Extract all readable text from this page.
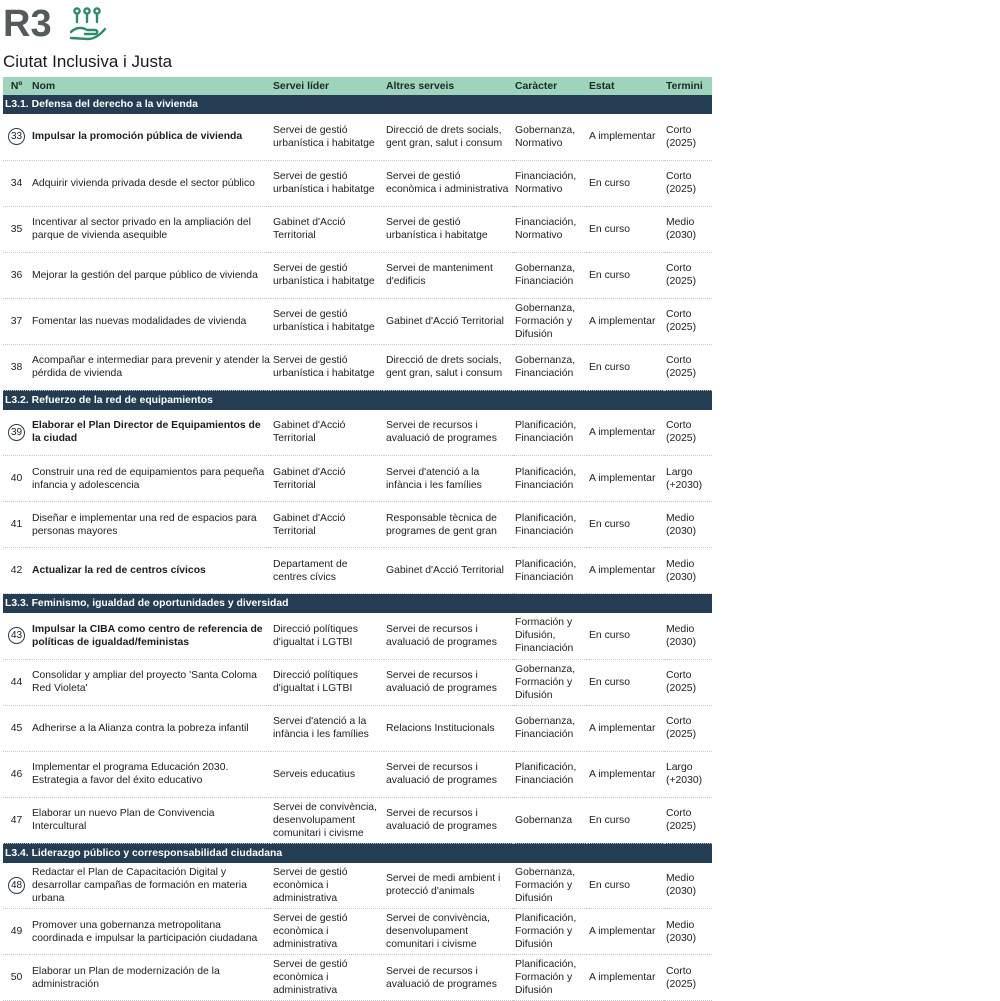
R3
Ciutat Inclusiva i Justa
Nº	Nom	Servei líder	Altres serveis	Caràcter	Estat	Termini
L3.1. Defensa del derecho a la vivienda						
33	Impulsar la promoción pública de vivienda	Servei de gestió urbanística i habitatge	Direcció de drets socials, gent gran, salut i consum	Gobernanza, Normativo	A implementar	Corto (2025)
34	Adquirir vivienda privada desde el sector público	Servei de gestió urbanística i habitatge	Servei de gestió econòmica i administrativa	Financiación, Normativo	En curso	Corto (2025)
35	Incentivar al sector privado en la ampliación del parque de vivienda asequible	Gabinet d'Acció Territorial	Servei de gestió urbanística i habitatge	Financiación, Normativo	En curso	Medio (2030)
36	Mejorar la gestión del parque público de vivienda	Servei de gestió urbanística i habitatge	Servei de manteniment d'edificis	Gobernanza, Financiación	En curso	Corto (2025)
37	Fomentar las nuevas modalidades de vivienda	Servei de gestió urbanística i habitatge	Gabinet d'Acció Territorial	Gobernanza, Formación y Difusión	A implementar	Corto (2025)
38	Acompañar e intermediar para prevenir y atender la pérdida de vivienda	Servei de gestió urbanística i habitatge	Direcció de drets socials, gent gran, salut i consum	Gobernanza, Financiación	En curso	Corto (2025)
L3.2. Refuerzo de la red de equipamientos						
39	Elaborar el Plan Director de Equipamientos de la ciudad	Gabinet d'Acció Territorial	Servei de recursos i avaluació de programes	Planificación, Financiación	A implementar	Corto (2025)
40	Construir una red de equipamientos para pequeña infancia y adolescencia	Gabinet d'Acció Territorial	Servei d'atenció a la infància i les famílies	Planificación, Financiación	A implementar	Largo (+2030)
41	Diseñar e implementar una red de espacios para personas mayores	Gabinet d'Acció Territorial	Responsable tècnica de programes de gent gran	Planificación, Financiación	En curso	Medio (2030)
42	Actualizar la red de centros cívicos	Departament de centres cívics	Gabinet d'Acció Territorial	Planificación, Financiación	A implementar	Medio (2030)
L3.3. Feminismo, igualdad de oportunidades y diversidad						
43	Impulsar la CIBA como centro de referencia de políticas de igualdad/feministas	Direcció polítiques d'igualtat i LGTBI	Servei de recursos i avaluació de programes	Formación y Difusión, Financiación	En curso	Medio (2030)
44	Consolidar y ampliar del proyecto 'Santa Coloma Red Violeta'	Direcció polítiques d'igualtat i LGTBI	Servei de recursos i avaluació de programes	Gobernanza, Formación y Difusión	En curso	Corto (2025)
45	Adherirse a la Alianza contra la pobreza infantil	Servei d'atenció a la infància i les famílies	Relacions Institucionals	Gobernanza, Financiación	A implementar	Corto (2025)
46	Implementar el programa Educación 2030. Estrategia a favor del éxito educativo	Serveis educatius	Servei de recursos i avaluació de programes	Planificación, Financiación	A implementar	Largo (+2030)
47	Elaborar un nuevo Plan de Convivencia Intercultural	Servei de convivència, desenvolupament comunitari i civisme	Servei de recursos i avaluació de programes	Gobernanza	En curso	Corto (2025)
L3.4. Liderazgo público y corresponsabilidad ciudadana						
48	Redactar el Plan de Capacitación Digital y desarrollar campañas de formación en materia urbana	Servei de gestió econòmica i administrativa	Servei de medi ambient i protecció d'animals	Gobernanza, Formación y Difusión	En curso	Medio (2030)
49	Promover una gobernanza metropolitana coordinada e impulsar la participación ciudadana	Servei de gestió econòmica i administrativa	Servei de convivència, desenvolupament comunitari i civisme	Planificación, Formación y Difusión	A implementar	Medio (2030)
50	Elaborar un Plan de modernización de la administración	Servei de gestió econòmica i administrativa	Servei de recursos i avaluació de programes	Planificación, Formación y Difusión	A implementar	Corto (2025)
